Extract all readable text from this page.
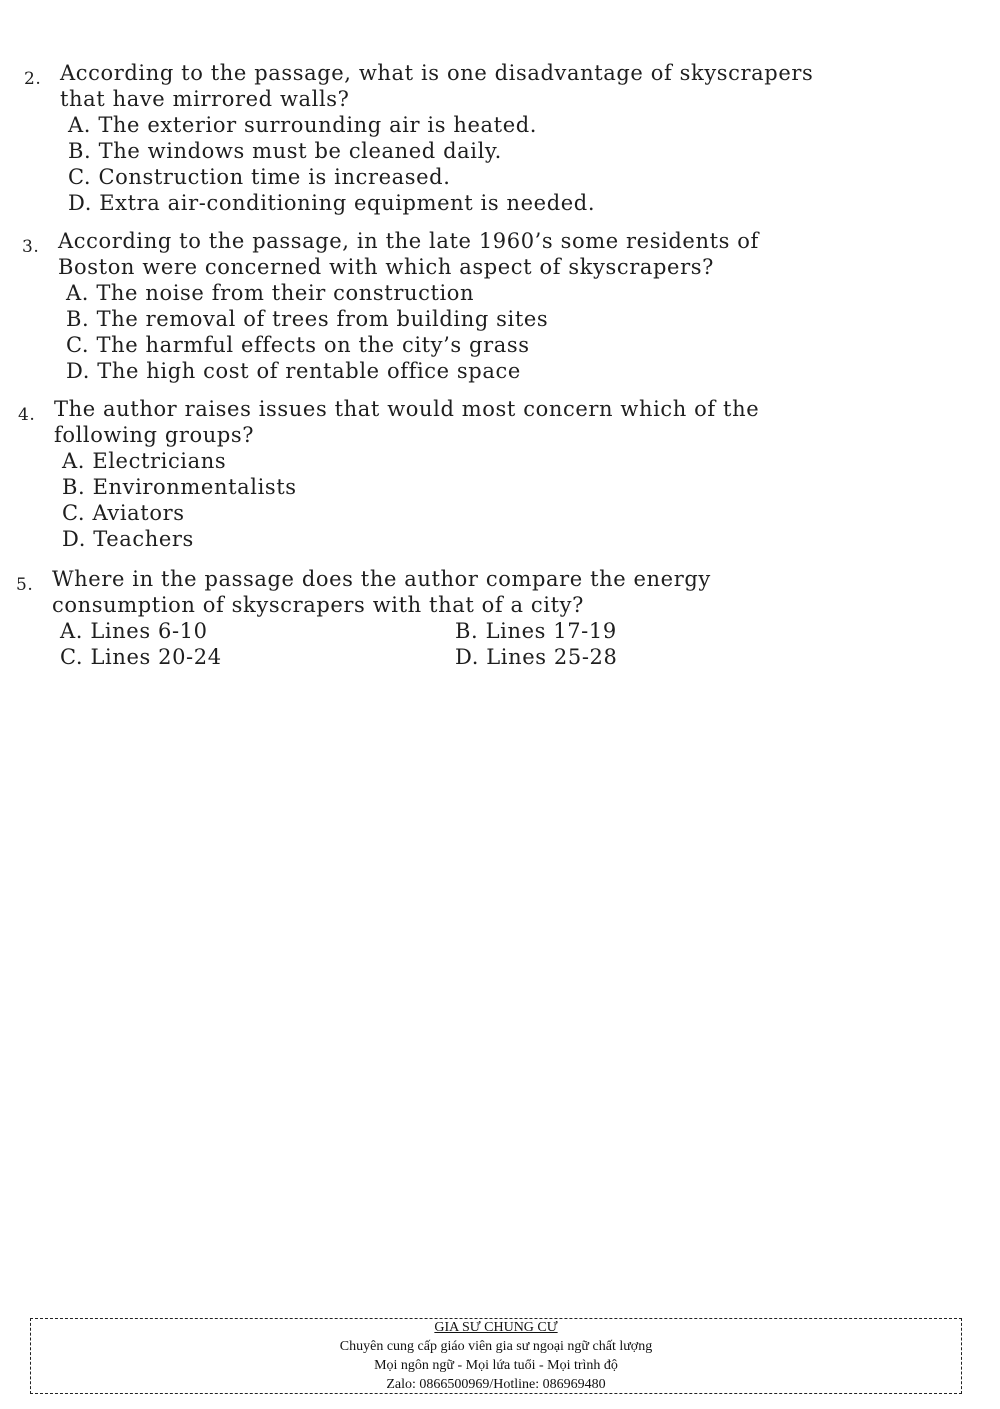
2. According to the passage, what is one disadvantage of skyscrapers
that have mirrored walls?
A. The exterior surrounding air is heated.
B. The windows must be cleaned daily.
C. Construction time is increased.
D. Extra air-conditioning equipment is needed.
3. According to the passage, in the late 1960’s some residents of
Boston were concerned with which aspect of skyscrapers?
A. The noise from their construction
B. The removal of trees from building sites
C. The harmful effects on the city’s grass
D. The high cost of rentable office space
4. The author raises issues that would most concern which of the
following groups?
A. Electricians
B. Environmentalists
C. Aviators
D. Teachers
5. Where in the passage does the author compare the energy
consumption of skyscrapers with that of a city?
A. Lines 6-10	B. Lines 17-19
C. Lines 20-24	D. Lines 25-28
GIA SƯ CHUNG CƯ
Chuyên cung cấp giáo viên gia sư ngoại ngữ chất lượng
Mọi ngôn ngữ - Mọi lứa tuổi - Mọi trình độ
Zalo: 0866500969/Hotline: 086969480
